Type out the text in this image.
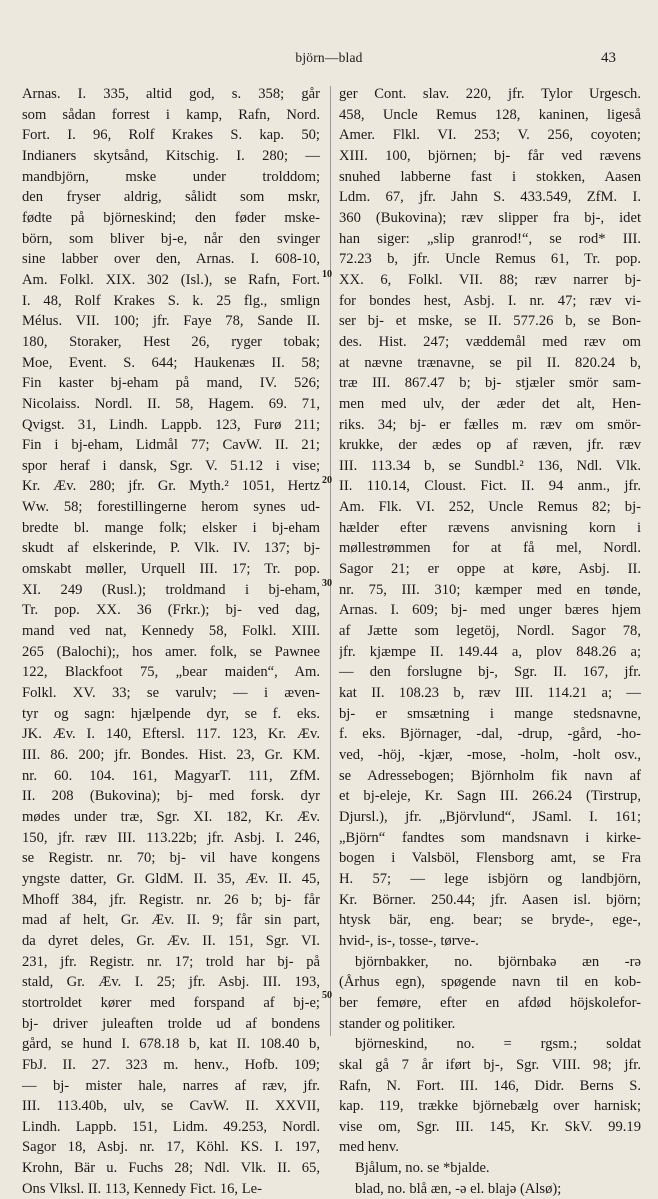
björn—blad	43
10
20
30
50
Arnas. I. 335, altid god, s. 358; går
som sådan forrest i kamp, Rafn, Nord.
Fort. I. 96, Rolf Krakes S. kap. 50;
Indianers skytsånd, Kitschig. I. 280; —
mandbjörn, mske under trolddom;
den fryser aldrig, sålidt som mskr,
fødte på björneskind; den føder mske-
börn, som bliver bj-e, når den svinger
sine labber over den, Arnas. I. 608-10,
Am. Folkl. XIX. 302 (Isl.), se Rafn, Fort.
I. 48, Rolf Krakes S. k. 25 flg., smlign
Mélus. VII. 100; jfr. Faye 78, Sande II.
180, Storaker, Hest 26, ryger tobak;
Moe, Event. S. 644; Haukenæs II. 58;
Fin kaster bj-eham på mand, IV. 526;
Nicolaiss. Nordl. II. 58, Hagem. 69. 71,
Qvigst. 31, Lindh. Lappb. 123, Furø 211;
Fin i bj-eham, Lidmål 77; CavW. II. 21;
spor heraf i dansk, Sgr. V. 51.12 i vise;
Kr. Æv. 280; jfr. Gr. Myth.² 1051, Hertz
Ww. 58; forestillingerne herom synes ud-
bredte bl. mange folk; elsker i bj-eham
skudt af elskerinde, P. Vlk. IV. 137; bj-
omskabt møller, Urquell III. 17; Tr. pop.
XI. 249 (Rusl.); troldmand i bj-eham,
Tr. pop. XX. 36 (Frkr.); bj- ved dag,
mand ved nat, Kennedy 58, Folkl. XIII.
265 (Balochi);, hos amer. folk, se Pawnee
122, Blackfoot 75, „bear maiden“, Am.
Folkl. XV. 33; se varulv; — i æven-
tyr og sagn: hjælpende dyr, se f. eks.
JK. Æv. I. 140, Eftersl. 117. 123, Kr. Æv.
III. 86. 200; jfr. Bondes. Hist. 23, Gr. KM.
nr. 60. 104. 161, MagyarT. 111, ZfM.
II. 208 (Bukovina); bj- med forsk. dyr
mødes under træ, Sgr. XI. 182, Kr. Æv.
150, jfr. ræv III. 113.22b; jfr. Asbj. I. 246,
se Registr. nr. 70; bj- vil have kongens
yngste datter, Gr. GldM. II. 35, Æv. II. 45,
Mhoff 384, jfr. Registr. nr. 26 b; bj- får
mad af helt, Gr. Æv. II. 9; får sin part,
da dyret deles, Gr. Æv. II. 151, Sgr. VI.
231, jfr. Registr. nr. 17; trold har bj- på
stald, Gr. Æv. I. 25; jfr. Asbj. III. 193,
stortroldet kører med forspand af bj-e;
bj- driver juleaften trolde ud af bondens
gård, se hund I. 678.18 b, kat II. 108.40 b,
FbJ. II. 27. 323 m. henv., Hofb. 109;
— bj- mister hale, narres af ræv, jfr.
III. 113.40b, ulv, se CavW. II. XXVII,
Lindh. Lappb. 151, Lidm. 49.253, Nordl.
Sagor 18, Asbj. nr. 17, Köhl. KS. I. 197,
Krohn, Bär u. Fuchs 28; Ndl. Vlk. II. 65,
Ons Vlksl. II. 113, Kennedy Fict. 16, Le-
ger Cont. slav. 220, jfr. Tylor Urgesch.
458, Uncle Remus 128, kaninen, ligeså
Amer. Flkl. VI. 253; V. 256, coyoten;
XIII. 100, björnen; bj- får ved rævens
snuhed labberne fast i stokken, Aasen
Ldm. 67, jfr. Jahn S. 433.549, ZfM. I.
360 (Bukovina); ræv slipper fra bj-, idet
han siger: „slip granrod!“, se rod* III.
72.23 b, jfr. Uncle Remus 61, Tr. pop.
XX. 6, Folkl. VII. 88; ræv narrer bj-
for bondes hest, Asbj. I. nr. 47; ræv vi-
ser bj- et mske, se II. 577.26 b, se Bon-
des. Hist. 247; væddemål med ræv om
at nævne trænavne, se pil II. 820.24 b,
træ III. 867.47 b; bj- stjæler smör sam-
men med ulv, der æder det alt, Hen-
riks. 34; bj- er fælles m. ræv om smör-
krukke, der ædes op af ræven, jfr. ræv
III. 113.34 b, se Sundbl.² 136, Ndl. Vlk.
II. 110.14, Cloust. Fict. II. 94 anm., jfr.
Am. Flk. VI. 252, Uncle Remus 82; bj-
hælder efter rævens anvisning korn i
møllestrømmen for at få mel, Nordl.
Sagor 21; er oppe at køre, Asbj. II.
nr. 75, III. 310; kæmper med en tønde,
Arnas. I. 609; bj- med unger bæres hjem
af Jætte som legetöj, Nordl. Sagor 78,
jfr. kjæmpe II. 149.44 a, plov 848.26 a;
— den forslugne bj-, Sgr. II. 167, jfr.
kat II. 108.23 b, ræv III. 114.21 a; —
bj- er smsætning i mange stedsnavne,
f. eks. Björnager, -dal, -drup, -gård, -ho-
ved, -höj, -kjær, -mose, -holm, -holt osv.,
se Adressebogen; Björnholm fik navn af
et bj-eleje, Kr. Sagn III. 266.24 (Tirstrup,
Djursl.), jfr. „Björvlund“, JSaml. I. 161;
„Björn“ fandtes som mandsnavn i kirke-
bogen i Valsböl, Flensborg amt, se Fra
H. 57; — lege isbjörn og landbjörn,
Kr. Börner. 250.44; jfr. Aasen isl. björn;
htysk bär, eng. bear; se bryde-, ege-,
hvid-, is-, tosse-, tørve-.
björnbakker, no. björnbakə æn -rə
(Århus egn), spøgende navn til en kob-
ber femøre, efter en afdød höjskolefor-
stander og politiker.
björneskind, no. = rgsm.; soldat
skal gå 7 år iført bj-, Sgr. VIII. 98; jfr.
Rafn, N. Fort. III. 146, Didr. Berns S.
kap. 119, trække björnebælg over harnisk;
vise om, Sgr. III. 145, Kr. SkV. 99.19
med henv.
Bjålum, no. se *bjalde.
blad, no. blå æn, -ə el. blajə (Alsø);
